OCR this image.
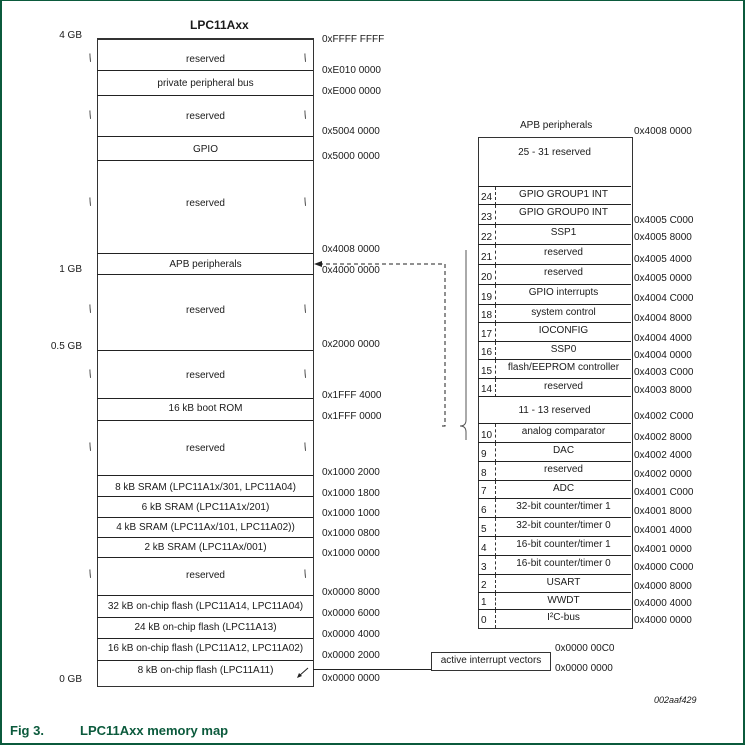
LPC11Axx
4 GB
1 GB
0.5 GB
0 GB
reserved
private peripheral bus
reserved
GPIO
reserved
APB peripherals
reserved
reserved
16 kB boot ROM
reserved
8 kB SRAM (LPC11A1x/301, LPC11A04)
6 kB SRAM (LPC11A1x/201)
4 kB SRAM (LPC11Ax/101, LPC11A02))
2 kB SRAM (LPC11Ax/001)
reserved
32 kB on-chip flash (LPC11A14, LPC11A04)
24 kB on-chip flash (LPC11A13)
16 kB on-chip flash (LPC11A12, LPC11A02)
8 kB on-chip flash (LPC11A11)
//	//
//	//
//	//
//	//
//	//
//	//
//	//
0xFFFF FFFF
0xE010 0000
0xE000 0000
0x5004 0000
0x5000 0000
0x4008 0000
0x4000 0000
0x2000 0000
0x1FFF 4000
0x1FFF 0000
0x1000 2000
0x1000 1800
0x1000 1000
0x1000 0800
0x1000 0000
0x0000 8000
0x0000 6000
0x0000 4000
0x0000 2000
0x0000 0000
APB peripherals
0x4008 0000
25 - 31 reserved
24	GPIO GROUP1 INT
23	GPIO GROUP0 INT
22	SSP1
21	reserved
20	reserved
19	GPIO interrupts
18	system control
17	IOCONFIG
16	SSP0
15	flash/EEPROM controller
14	reserved
11 - 13 reserved
10	analog comparator
9	DAC
8	reserved
7	ADC
6	32-bit counter/timer 1
5	32-bit counter/timer 0
4	16-bit counter/timer 1
3	16-bit counter/timer 0
2	USART
1	WWDT
0	I²C-bus
0x4005 C000
0x4005 8000
0x4005 4000
0x4005 0000
0x4004 C000
0x4004 8000
0x4004 4000
0x4004 0000
0x4003 C000
0x4003 8000
0x4002 C000
0x4002 8000
0x4002 4000
0x4002 0000
0x4001 C000
0x4001 8000
0x4001 4000
0x4001 0000
0x4000 C000
0x4000 8000
0x4000 4000
0x4000 0000
active interrupt vectors
0x0000 00C0
0x0000 0000
002aaf429
Fig 3.	LPC11Axx memory map
